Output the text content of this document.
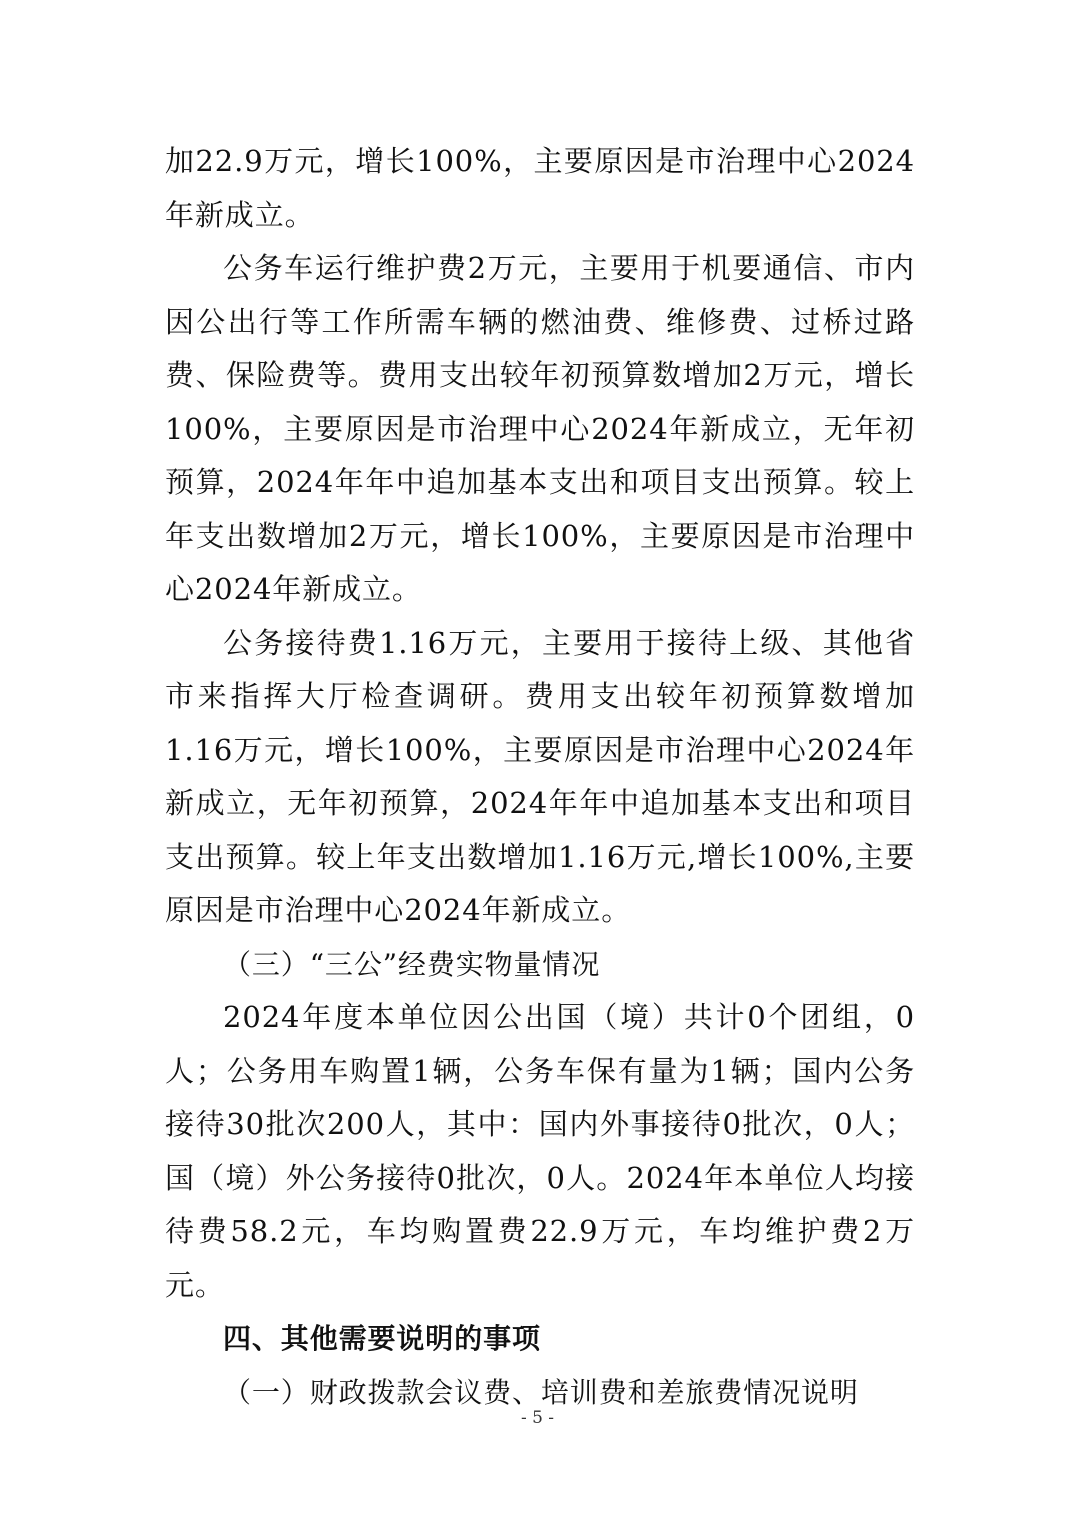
加22.9万元，增长100%，主要原因是市治理中心2024年新成立。

公务车运行维护费2万元，主要用于机要通信、市内因公出行等工作所需车辆的燃油费、维修费、过桥过路费、保险费等。费用支出较年初预算数增加2万元，增长100%，主要原因是市治理中心2024年新成立，无年初预算，2024年年中追加基本支出和项目支出预算。较上年支出数增加2万元，增长100%，主要原因是市治理中心2024年新成立。

公务接待费1.16万元，主要用于接待上级、其他省市来指挥大厅检查调研。费用支出较年初预算数增加1.16万元，增长100%，主要原因是市治理中心2024年新成立，无年初预算，2024年年中追加基本支出和项目支出预算。较上年支出数增加1.16万元,增长100%,主要原因是市治理中心2024年新成立。

（三）“三公”经费实物量情况

2024年度本单位因公出国（境）共计0个团组，0人；公务用车购置1辆，公务车保有量为1辆；国内公务接待30批次200人，其中：国内外事接待0批次，0人；国（境）外公务接待0批次，0人。2024年本单位人均接待费58.2元，车均购置费22.9万元，车均维护费2万元。

四、其他需要说明的事项

（一）财政拨款会议费、培训费和差旅费情况说明

- 5 -
